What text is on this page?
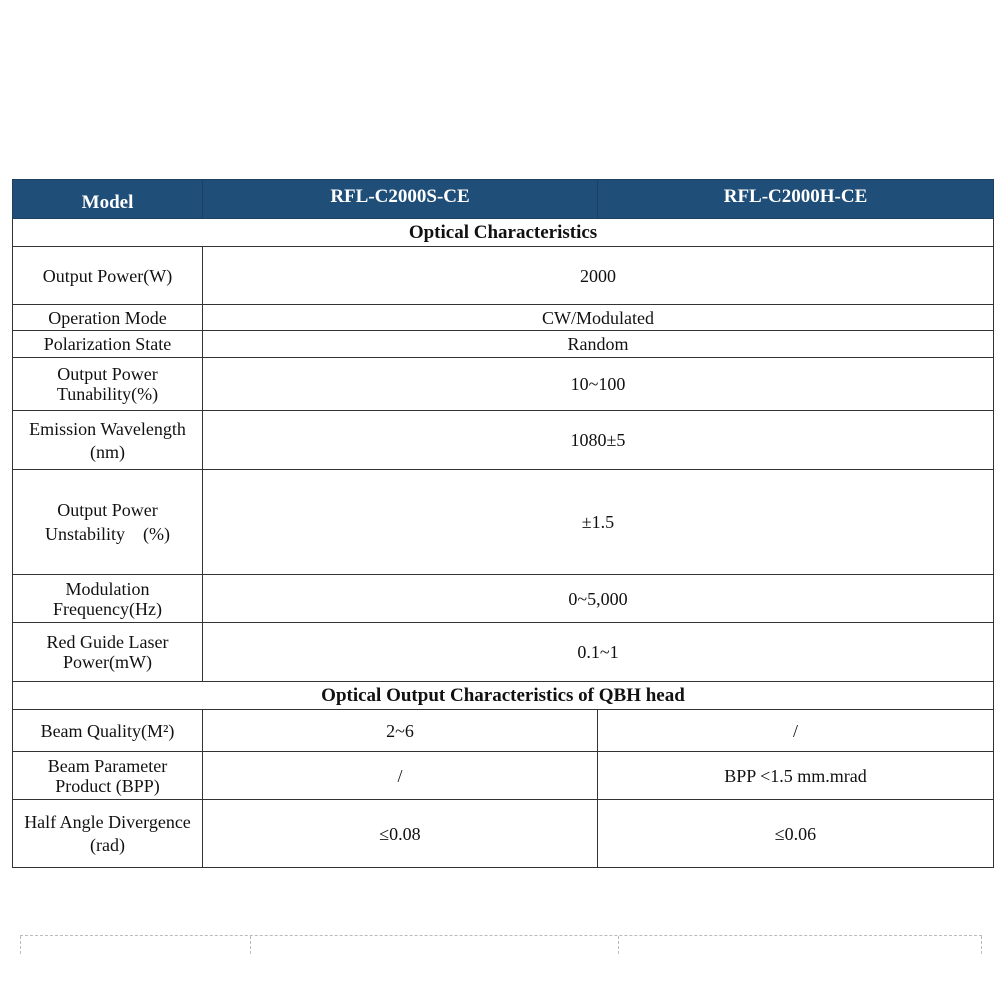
Model	RFL-C2000S-CE	RFL-C2000H-CE
Optical Characteristics		
Output Power(W)	2000	
Operation Mode	CW/Modulated	
Polarization State	Random	

Output Power
Tunability(%)	10~100	

Emission Wavelength
(nm)	1080±5	

Output Power
Unstability    (%)	±1.5	

Modulation
Frequency(Hz)	0~5,000	

Red Guide Laser
Power(mW)	0.1~1	
Optical Output Characteristics of QBH head		
Beam Quality(M²)	2~6	/

Beam Parameter
Product (BPP)	/	BPP <1.5 mm.mrad

Half Angle Divergence
(rad)	≤0.08	≤0.06
